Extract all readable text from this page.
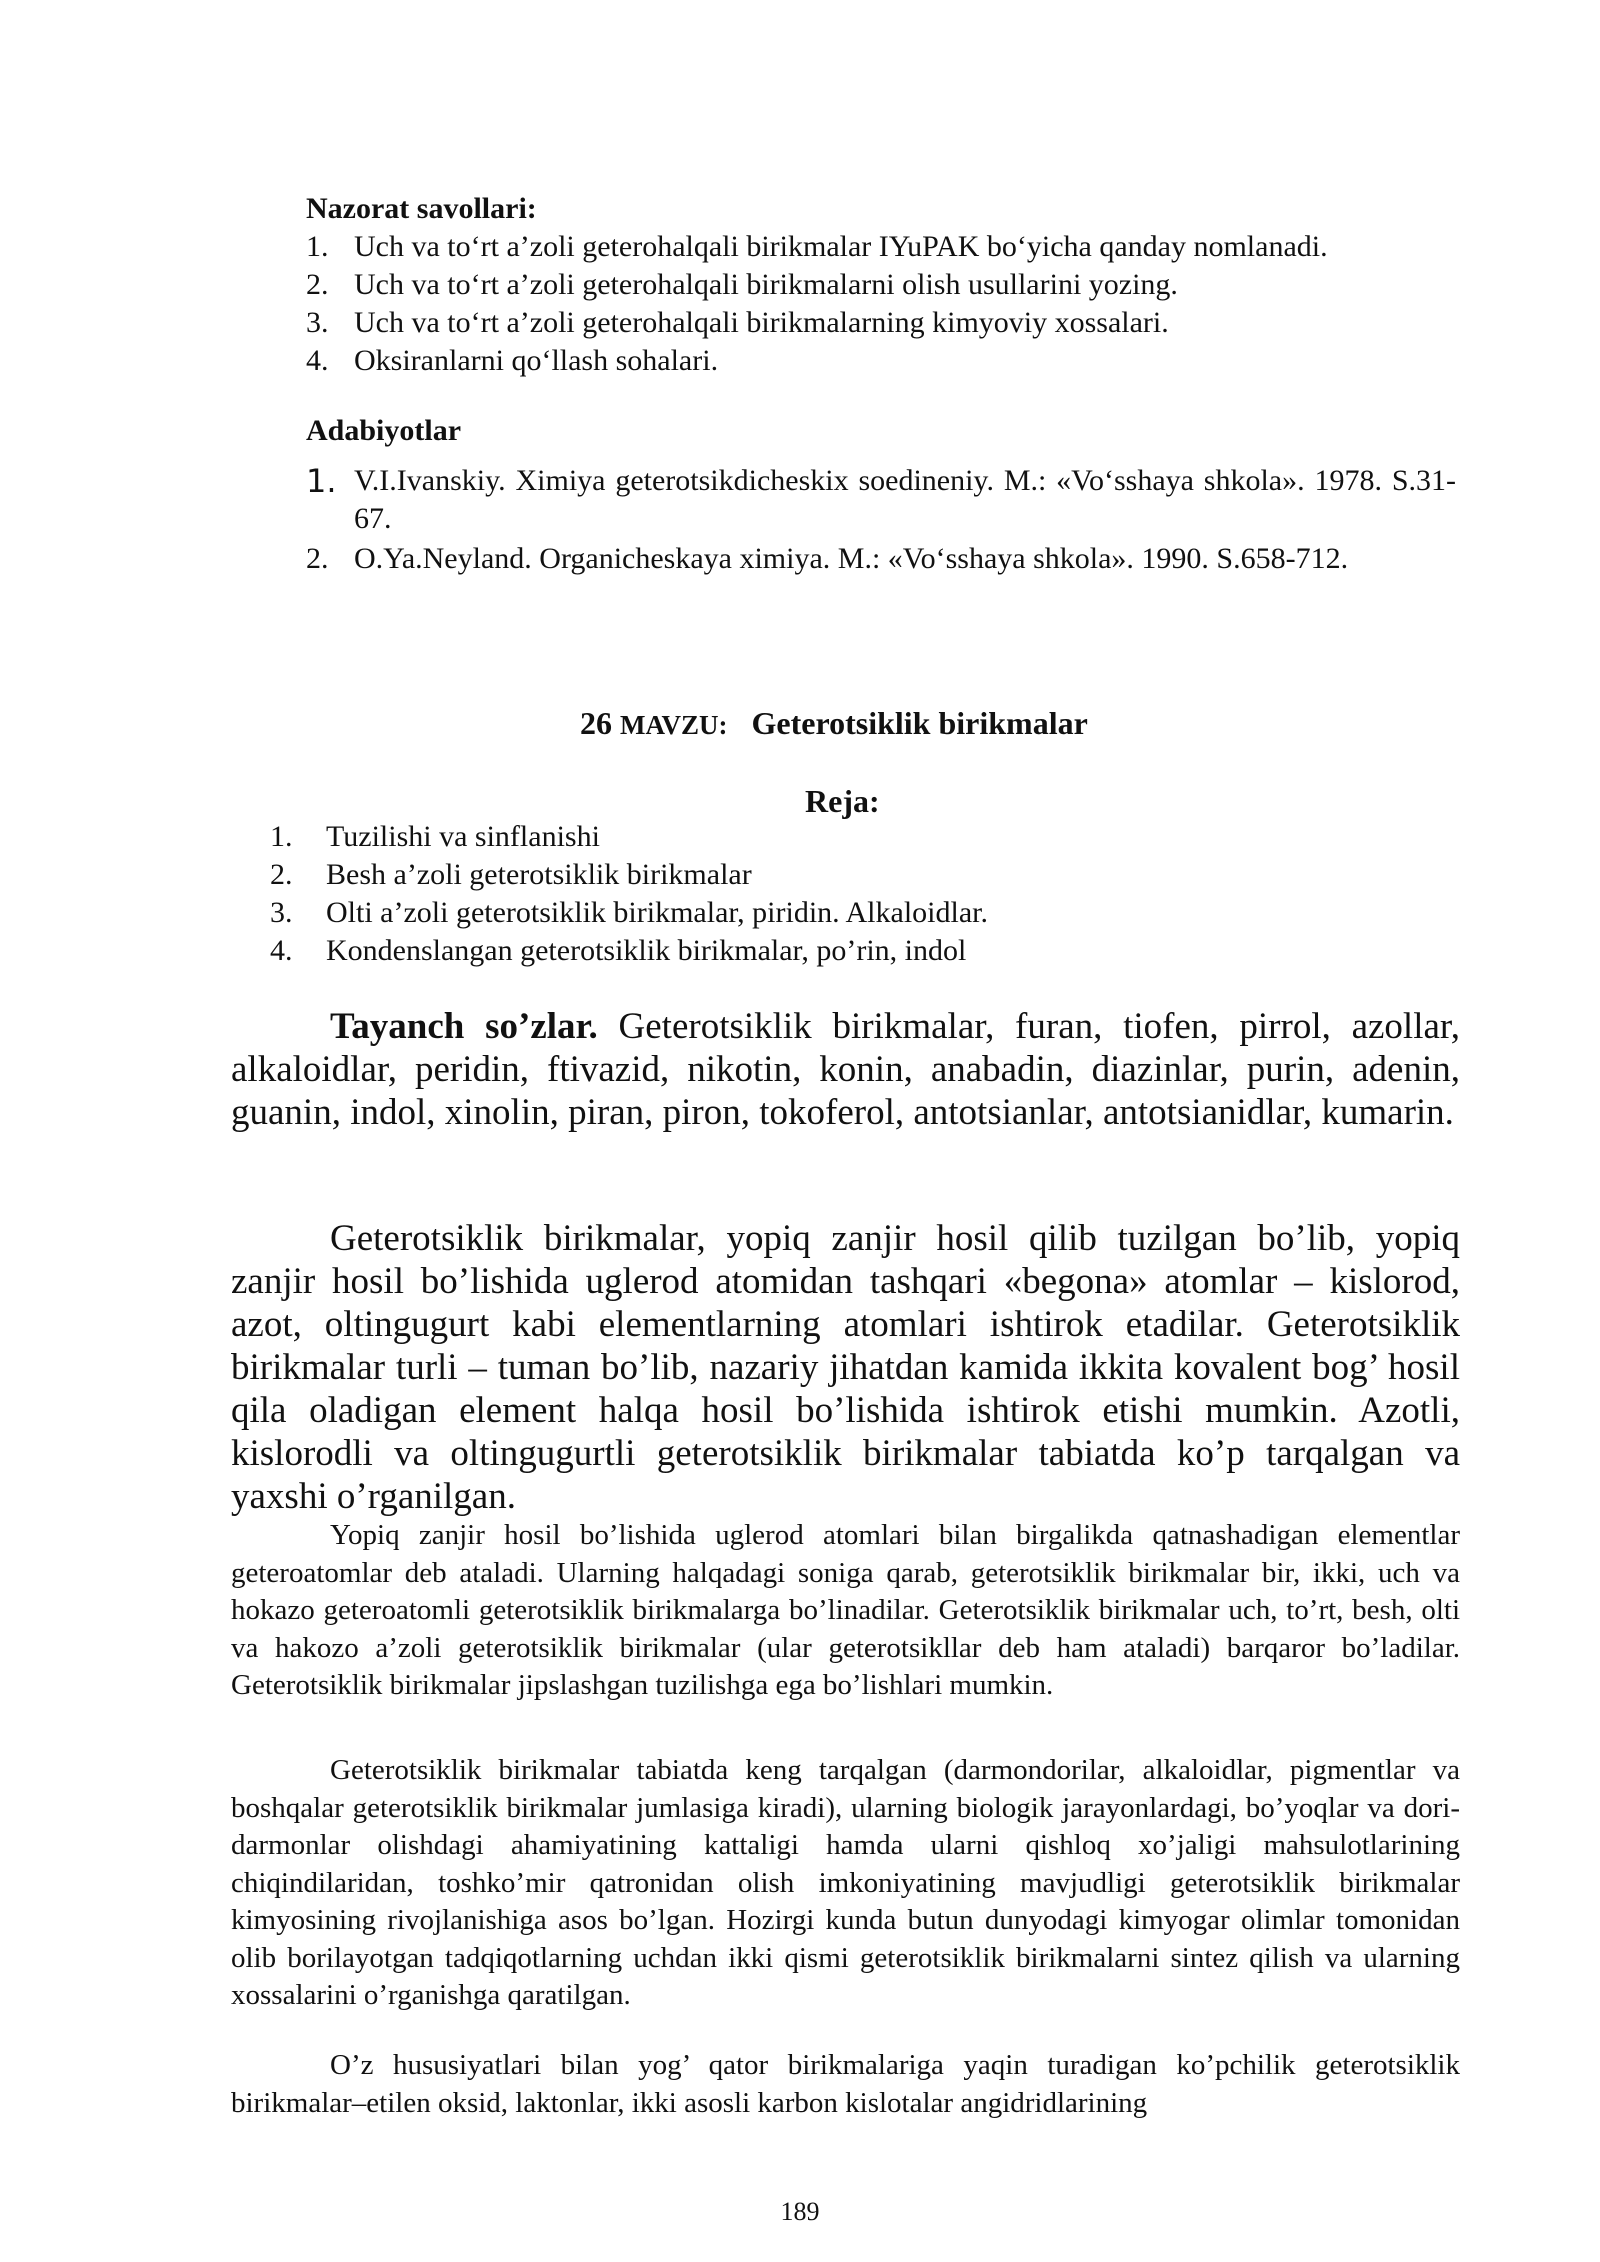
Nazorat savollari:
1. Uch va to‘rt a’zoli geterohalqali birikmalar IYuPAK bo‘yicha qanday nomlanadi.
2. Uch va to‘rt a’zoli geterohalqali birikmalarni olish usullarini yozing.
3. Uch va to‘rt a’zoli geterohalqali birikmalarning kimyoviy xossalari.
4. Oksiranlarni qo‘llash sohalari.
Adabiyotlar
1. V.I.Ivanskiy. Ximiya geterotsikdicheskix soedineniy. M.: «Vo‘sshaya shkola». 1978. S.31-67.
2. O.Ya.Neyland. Organicheskaya ximiya. M.: «Vo‘sshaya shkola». 1990. S.658-712.
26 MAVZU: Geterotsiklik birikmalar
Reja:
1.	Tuzilishi va sinflanishi
2.	Besh a’zoli geterotsiklik birikmalar
3.	Olti a’zoli geterotsiklik birikmalar, piridin. Alkaloidlar.
4.	Kondenslangan geterotsiklik birikmalar, po’rin, indol

Tayanch so’zlar. Geterotsiklik birikmalar, furan, tiofen, pirrol, azollar, alkaloidlar, peridin, ftivazid, nikotin, konin, anabadin, diazinlar, purin, adenin, guanin, indol, xinolin, piran, piron, tokoferol, antotsianlar, antotsianidlar, kumarin.

Geterotsiklik birikmalar, yopiq zanjir hosil qilib tuzilgan bo’lib, yopiq zanjir hosil bo’lishida uglerod atomidan tashqari «begona» atomlar – kislorod, azot, oltingugurt kabi elementlarning atomlari ishtirok etadilar. Geterotsiklik birikmalar turli – tuman bo’lib, nazariy jihatdan kamida ikkita kovalent bog’ hosil qila oladigan element halqa hosil bo’lishida ishtirok etishi mumkin. Azotli, kislorodli va oltingugurtli geterotsiklik birikmalar tabiatda ko’p tarqalgan va yaxshi o’rganilgan.

Yopiq zanjir hosil bo’lishida uglerod atomlari bilan birgalikda qatnashadigan elementlar geteroatomlar deb ataladi. Ularning halqadagi soniga qarab, geterotsiklik birikmalar bir, ikki, uch va hokazo geteroatomli geterotsiklik birikmalarga bo’linadilar. Geterotsiklik birikmalar uch, to’rt, besh, olti va hakozo a’zoli geterotsiklik birikmalar (ular geterotsikllar deb ham ataladi) barqaror bo’ladilar. Geterotsiklik birikmalar jipslashgan tuzilishga ega bo’lishlari mumkin.

Geterotsiklik birikmalar tabiatda keng tarqalgan (darmondorilar, alkaloidlar, pigmentlar va boshqalar geterotsiklik birikmalar jumlasiga kiradi), ularning biologik jarayonlardagi, bo’yoqlar va dori-darmonlar olishdagi ahamiyatining kattaligi hamda ularni qishloq xo’jaligi mahsulotlarining chiqindilaridan, toshko’mir qatronidan olish imkoniyatining mavjudligi geterotsiklik birikmalar kimyosining rivojlanishiga asos bo’lgan. Hozirgi kunda butun dunyodagi kimyogar olimlar tomonidan olib borilayotgan tadqiqotlarning uchdan ikki qismi geterotsiklik birikmalarni sintez qilish va ularning xossalarini o’rganishga qaratilgan.

O’z hususiyatlari bilan yog’ qator birikmalariga yaqin turadigan ko’pchilik geterotsiklik birikmalar–etilen oksid, laktonlar, ikki asosli karbon kislotalar angidridlarining

189
